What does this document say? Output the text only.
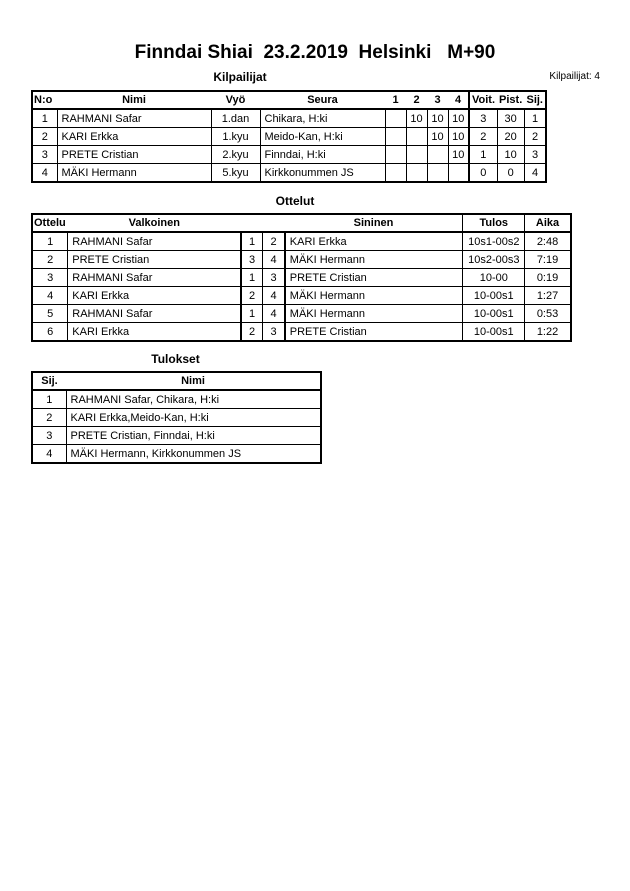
Finndai Shiai  23.2.2019  Helsinki   M+90
Kilpailijat	Kilpailijat: 4
N:o	Nimi	Vyö	Seura	1	2	3	4	Voit.	Pist.	Sij.
1	RAHMANI Safar	1.dan	Chikara, H:ki		10	10	10	3	30	1
2	KARI Erkka	1.kyu	Meido-Kan, H:ki			10	10	2	20	2
3	PRETE Cristian	2.kyu	Finndai, H:ki				10	1	10	3
4	MÄKI Hermann	5.kyu	Kirkkonummen JS					0	0	4
Ottelut
Ottelu	Valkoinen			Sininen	Tulos	Aika
1	RAHMANI Safar	1	2	KARI Erkka	10s1-00s2	2:48
2	PRETE Cristian	3	4	MÄKI Hermann	10s2-00s3	7:19
3	RAHMANI Safar	1	3	PRETE Cristian	10-00	0:19
4	KARI Erkka	2	4	MÄKI Hermann	10-00s1	1:27
5	RAHMANI Safar	1	4	MÄKI Hermann	10-00s1	0:53
6	KARI Erkka	2	3	PRETE Cristian	10-00s1	1:22
Tulokset
Sij.	Nimi
1	RAHMANI Safar, Chikara, H:ki
2	KARI Erkka,Meido-Kan, H:ki
3	PRETE Cristian, Finndai, H:ki
4	MÄKI Hermann, Kirkkonummen JS
